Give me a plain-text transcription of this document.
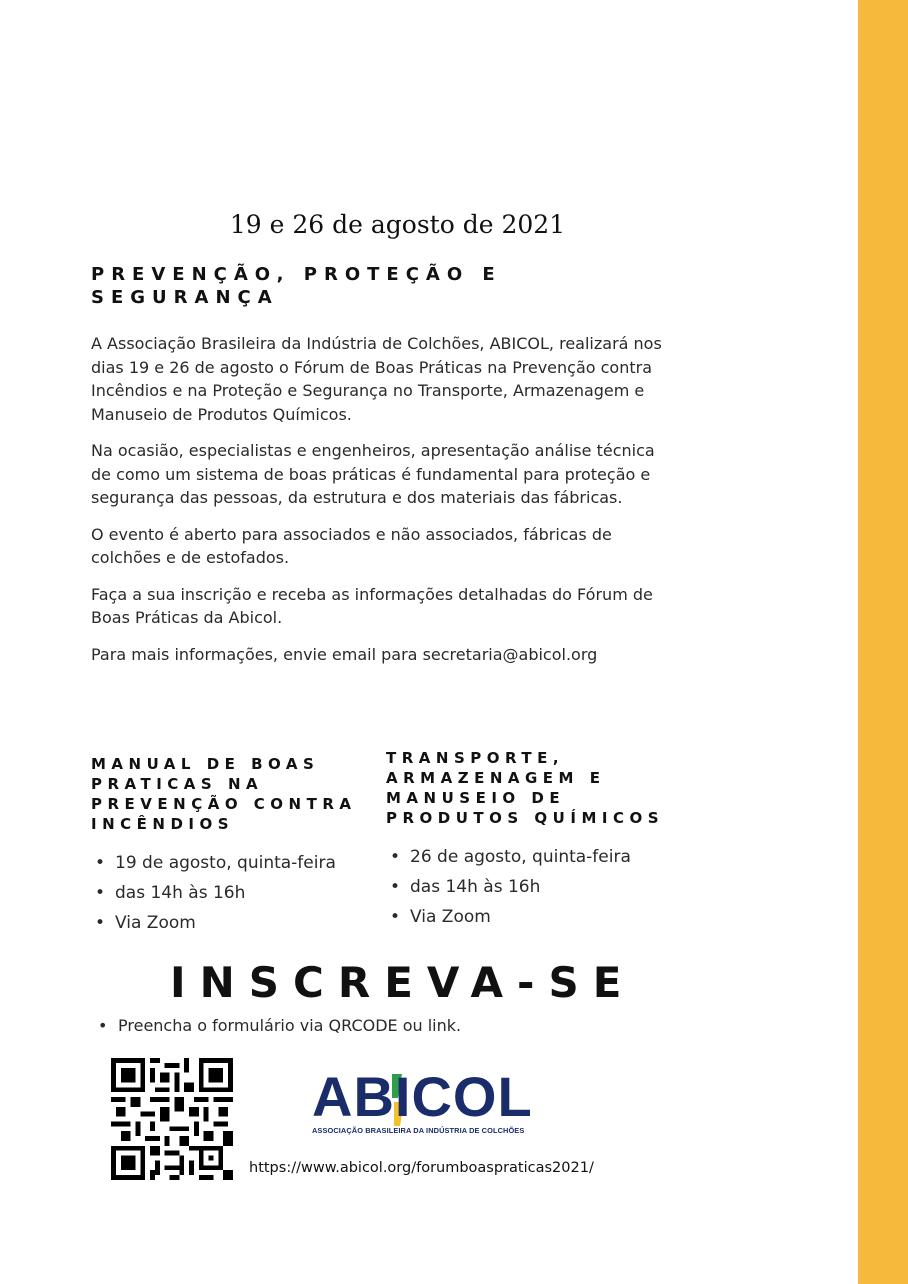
19 e 26 de agosto de 2021
PREVENÇÃO, PROTEÇÃO E SEGURANÇA

A Associação Brasileira da Indústria de Colchões, ABICOL, realizará nos dias 19 e 26 de agosto o Fórum de Boas Práticas na Prevenção contra Incêndios e na Proteção e Segurança no Transporte, Armazenagem e Manuseio de Produtos Químicos.

Na ocasião, especialistas e engenheiros, apresentação análise técnica de como um sistema de boas práticas é fundamental para proteção e segurança das pessoas, da estrutura e dos materiais das fábricas.

O evento é aberto para associados e não associados, fábricas de colchões e de estofados.

Faça a sua inscrição e receba as informações detalhadas do Fórum de Boas Práticas da Abicol.

Para mais informações, envie email para secretaria@abicol.org

MANUAL DE BOAS PRATICAS NA PREVENÇÃO CONTRA INCÊNDIOS
• 19 de agosto, quinta-feira
• das 14h às 16h
• Via Zoom
TRANSPORTE, ARMAZENAGEM E MANUSEIO DE PRODUTOS QUÍMICOS
• 26 de agosto, quinta-feira
• das 14h às 16h
• Via Zoom
INSCREVA-SE
• Preencha o formulário via QRCODE ou link.
ABICOL
ASSOCIAÇÃO BRASILEIRA DA INDÚSTRIA DE COLCHÕES
https://www.abicol.org/forumboaspraticas2021/
